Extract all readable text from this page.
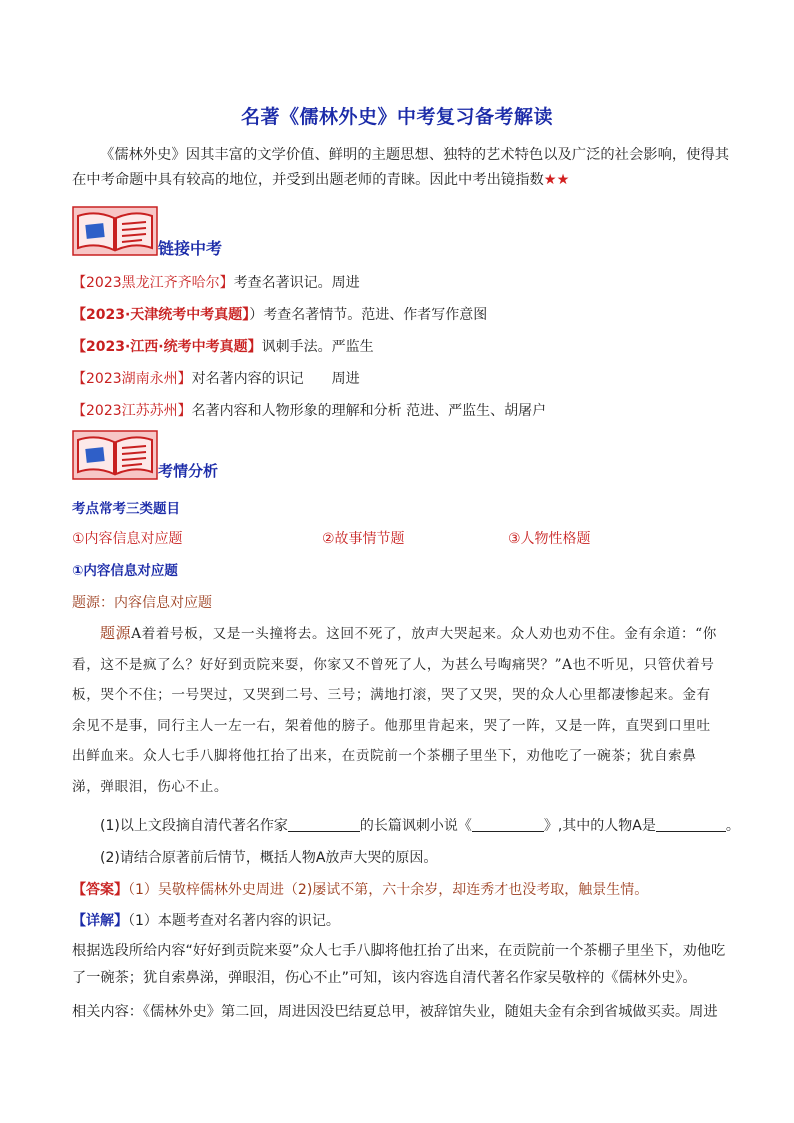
名著《儒林外史》中考复习备考解读
《儒林外史》因其丰富的文学价值、鲜明的主题思想、独特的艺术特色以及广泛的社会影响，使得其在中考命题中具有较高的地位，并受到出题老师的青睐。因此中考出镜指数★★
链接中考
【2023黑龙江齐齐哈尔】考查名著识记。周进
【2023·天津统考中考真题】）考查名著情节。范进、作者写作意图
【2023·江西·统考中考真题】讽刺手法。严监生
【2023湖南永州】对名著内容的识记　　周进
【2023江苏苏州】名著内容和人物形象的理解和分析 范进、严监生、胡屠户
考情分析
考点常考三类题目
①内容信息对应题	②故事情节题	③人物性格题
①内容信息对应题
题源：内容信息对应题
题源A着着号板，又是一头撞将去。这回不死了，放声大哭起来。众人劝也劝不住。金有余道：“你看，这不是疯了么？好好到贡院来耍，你家又不曾死了人，为甚么号啕痛哭？”A也不听见，只管伏着号板，哭个不住；一号哭过，又哭到二号、三号；满地打滚，哭了又哭，哭的众人心里都凄惨起来。金有余见不是事，同行主人一左一右，架着他的膀子。他那里肯起来，哭了一阵，又是一阵，直哭到口里吐出鲜血来。众人七手八脚将他扛抬了出来，在贡院前一个茶棚子里坐下，劝他吃了一碗茶；犹自索鼻涕，弹眼泪，伤心不止。
(1)以上文段摘自清代著名作家	的长篇讽刺小说《	》,其中的人物A是	。
(2)请结合原著前后情节，概括人物A放声大哭的原因。
【答案】（1）吴敬梓儒林外史周进（2)屡试不第，六十余岁，却连秀才也没考取，触景生情。
【详解】（1）本题考查对名著内容的识记。
根据选段所给内容“好好到贡院来耍”众人七手八脚将他扛抬了出来，在贡院前一个茶棚子里坐下，劝他吃了一碗茶；犹自索鼻涕，弹眼泪，伤心不止”可知，该内容选自清代著名作家吴敬梓的《儒林外史》。
相关内容：《儒林外史》第二回，周进因没巴结夏总甲，被辞馆失业，随姐夫金有余到省城做买卖。周进
